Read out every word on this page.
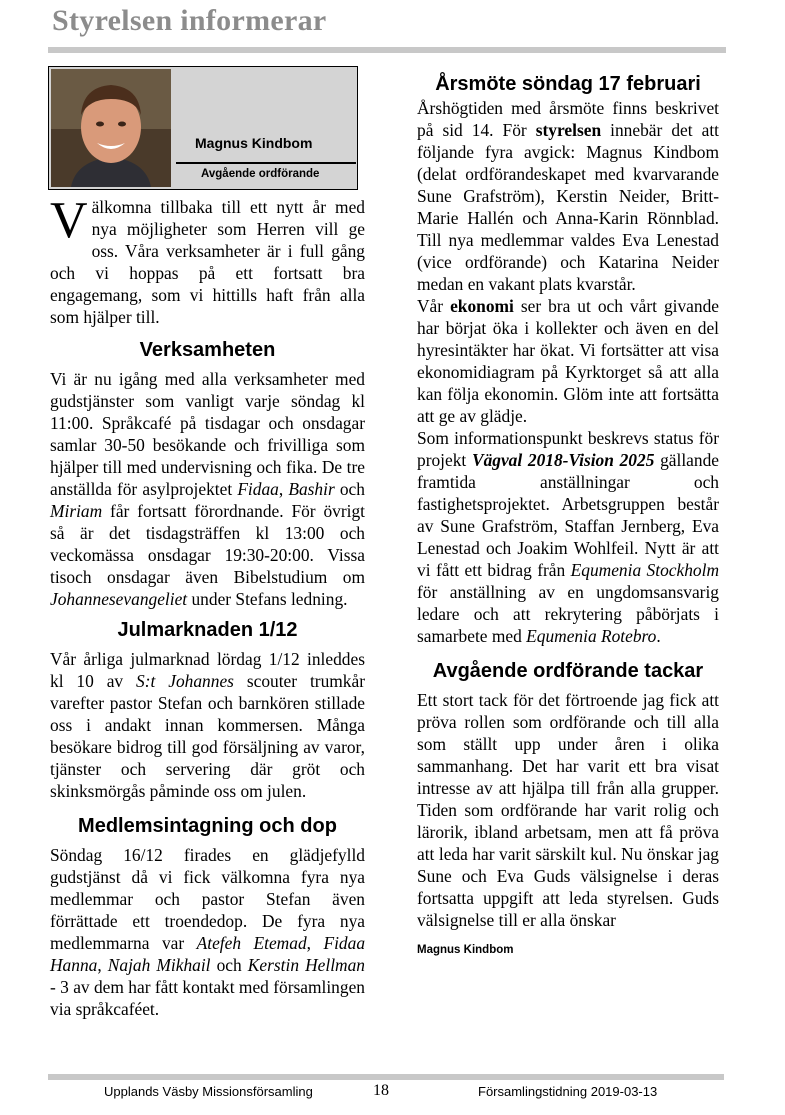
Styrelsen informerar
Magnus Kindbom
Avgående ordförande

Välkomna tillbaka till ett nytt år med nya möjligheter som Herren vill ge oss. Våra verksamheter är i full gång och vi hoppas på ett fortsatt bra engagemang, som vi hittills haft från alla som hjälper till.

Verksamheten

Vi är nu igång med alla verksamheter med gudstjänster som vanligt varje söndag kl 11:00. Språkcafé på tisdagar och onsdagar samlar 30-50 besökande och frivilliga som hjälper till med undervisning och fika. De tre anställda för asylprojektet Fidaa, Bashir och Miriam får fortsatt förordnande. För övrigt så är det tisdagsträffen kl 13:00 och veckomässa onsdagar 19:30-20:00. Vissa tisoch onsdagar även Bibelstudium om Johannesevangeliet under Stefans ledning.

Julmarknaden 1/12

Vår årliga julmarknad lördag 1/12 inleddes kl 10 av S:t Johannes scouter trumkår varefter pastor Stefan och barnkören stillade oss i andakt innan kommersen. Många besökare bidrog till god försäljning av varor, tjänster och servering där gröt och skinksmörgås påminde oss om julen.

Medlemsintagning och dop

Söndag 16/12 firades en glädjefylld gudstjänst då vi fick välkomna fyra nya medlemmar och pastor Stefan även förrättade ett troendedop. De fyra nya medlemmarna var Atefeh Etemad, Fidaa Hanna, Najah Mikhail och Kerstin Hellman - 3 av dem har fått kontakt med församlingen via språkcaféet.

Årsmöte söndag 17 februari

Årshögtiden med årsmöte finns beskrivet på sid 14. För styrelsen innebär det att följande fyra avgick: Magnus Kindbom (delat ordförandeskapet med kvarvarande Sune Grafström), Kerstin Neider, Britt-Marie Hallén och Anna-Karin Rönnblad. Till nya medlemmar valdes Eva Lenestad (vice ordförande) och Katarina Neider medan en vakant plats kvarstår.

Vår ekonomi ser bra ut och vårt givande har börjat öka i kollekter och även en del hyresintäkter har ökat. Vi fortsätter att visa ekonomidiagram på Kyrktorget så att alla kan följa ekonomin. Glöm inte att fortsätta att ge av glädje.

Som informationspunkt beskrevs status för projekt Vägval 2018-Vision 2025 gällande framtida anställningar och fastighetsprojektet. Arbetsgruppen består av Sune Grafström, Staffan Jernberg, Eva Lenestad och Joakim Wohlfeil. Nytt är att vi fått ett bidrag från Equmenia Stockholm för anställning av en ungdomsansvarig ledare och att rekrytering påbörjats i samarbete med Equmenia Rotebro.

Avgående ordförande tackar

Ett stort tack för det förtroende jag fick att pröva rollen som ordförande och till alla som ställt upp under åren i olika sammanhang. Det har varit ett bra visat intresse av att hjälpa till från alla grupper. Tiden som ordförande har varit rolig och lärorik, ibland arbetsam, men att få pröva att leda har varit särskilt kul. Nu önskar jag Sune och Eva Guds välsignelse i deras fortsatta uppgift att leda styrelsen. Guds välsignelse till er alla önskar

Magnus Kindbom
Upplands Väsby Missionsförsamling	18	Församlingstidning 2019-03-13
